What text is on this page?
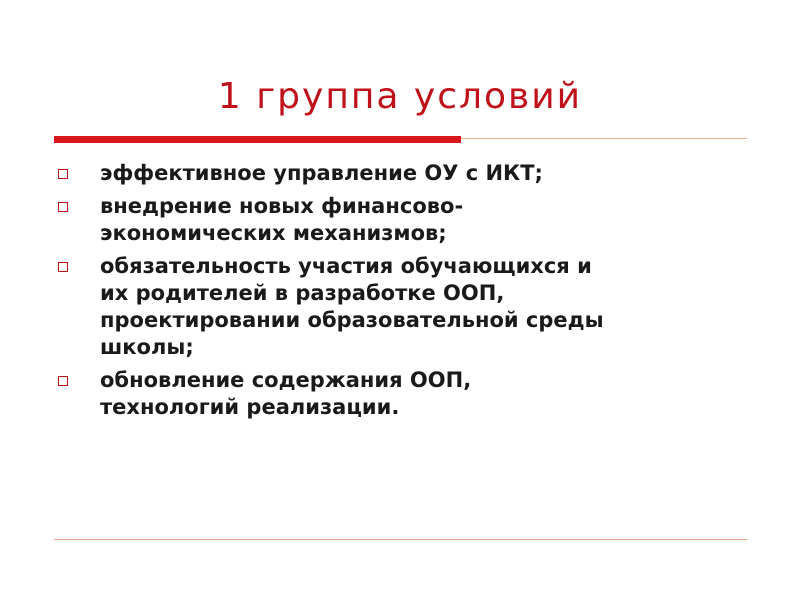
1 группа условий
эффективное управление ОУ с ИКТ;
внедрение новых финансово-
экономических механизмов;
обязательность участия обучающихся и
их родителей в разработке ООП,
проектировании образовательной среды
школы;
обновление содержания ООП,
технологий реализации.
